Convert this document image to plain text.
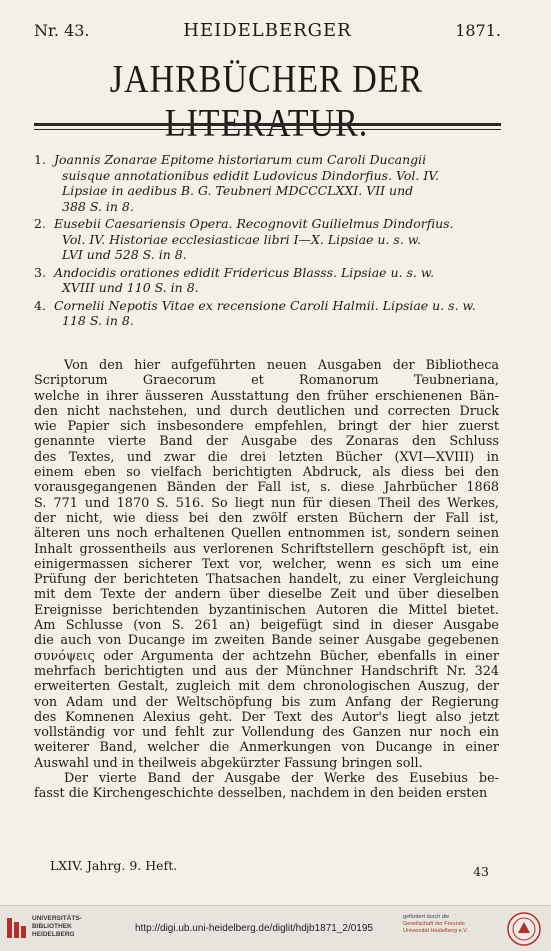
Nr. 43.	HEIDELBERGER	1871.
JAHRBÜCHER DER
1. Joannis Zonarae Epitome historiarum cum Caroli Ducangii
suisque annotationibus edidit Ludovicus Dindorfius. Vol. IV.
Lipsiae in aedibus B. G. Teubneri MDCCCLXXI. VII und
388 S. in 8.
2. Eusebii Caesariensis Opera. Recognovit Guilielmus Dindorfius.
Vol. IV. Historiae ecclesiasticae libri I—X. Lipsiae u. s. w.
LVI und 528 S. in 8.
3. Andocidis orationes edidit Fridericus Blasss. Lipsiae u. s. w.
XVIII und 110 S. in 8.
4. Cornelii Nepotis Vitae ex recensione Caroli Halmii. Lipsiae u. s. w.
118 S. in 8.
Von den hier aufgeführten neuen Ausgaben der Bibliotheca
Scriptorum Graecorum et Romanorum Teubneriana,
welche in ihrer äusseren Ausstattung den früher erschienenen Bän-
den nicht nachstehen, und durch deutlichen und correcten Druck
wie Papier sich insbesondere empfehlen, bringt der hier zuerst
genannte vierte Band der Ausgabe des Zonaras den Schluss
des Textes, und zwar die drei letzten Bücher (XVI—XVIII) in
einem eben so vielfach berichtigten Abdruck, als diess bei den
vorausgegangenen Bänden der Fall ist, s. diese Jahrbücher 1868
S. 771 und 1870 S. 516. So liegt nun für diesen Theil des Werkes,
der nicht, wie diess bei den zwölf ersten Büchern der Fall ist,
älteren uns noch erhaltenen Quellen entnommen ist, sondern seinen
Inhalt grossentheils aus verlorenen Schriftstellern geschöpft ist, ein
einigermassen sicherer Text vor, welcher, wenn es sich um eine
Prüfung der berichteten Thatsachen handelt, zu einer Vergleichung
mit dem Texte der andern über dieselbe Zeit und über dieselben
Ereignisse berichtenden byzantinischen Autoren die Mittel bietet.
Am Schlusse (von S. 261 an) beigefügt sind in dieser Ausgabe
die auch von Ducange im zweiten Bande seiner Ausgabe gegebenen
συνόψεις oder Argumenta der achtzehn Bücher, ebenfalls in einer
mehrfach berichtigten und aus der Münchner Handschrift Nr. 324
erweiterten Gestalt, zugleich mit dem chronologischen Auszug, der
von Adam und der Weltschöpfung bis zum Anfang der Regierung
des Komnenen Alexius geht. Der Text des Autor's liegt also jetzt
vollständig vor und fehlt zur Vollendung des Ganzen nur noch ein
weiterer Band, welcher die Anmerkungen von Ducange in einer
Auswahl und in theilweis abgekürzter Fassung bringen soll.
Der vierte Band der Ausgabe der Werke des Eusebius be-
fasst die Kirchengeschichte desselben, nachdem in den beiden ersten
LXIV. Jahrg. 9. Heft.	43
UNIVERSITÄTS-
BIBLIOTHEK
HEIDELBERG
http://digi.ub.uni-heidelberg.de/diglit/hdjb1871_2/0195
gefördert durch die
Gesellschaft der Freunde
Universität Heidelberg e.V.
